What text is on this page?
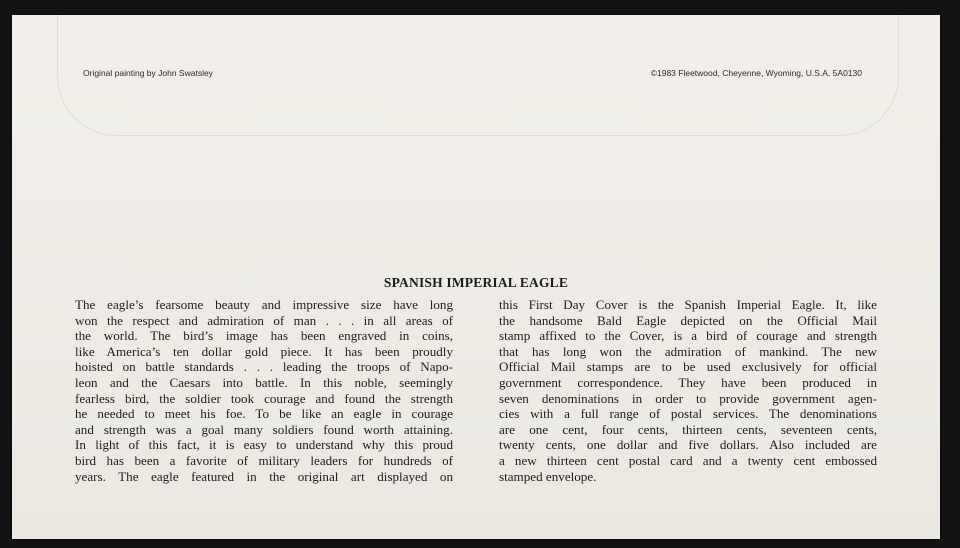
Original painting by John Swatsley	©1983 Fleetwood, Cheyenne, Wyoming, U.S.A. 5A0130
SPANISH IMPERIAL EAGLE
The eagle’s fearsome beauty and impressive size have long
won the respect and admiration of man . . . in all areas of
the world. The bird’s image has been engraved in coins,
like America’s ten dollar gold piece. It has been proudly
hoisted on battle standards . . . leading the troops of Napo-
leon and the Caesars into battle. In this noble, seemingly
fearless bird, the soldier took courage and found the strength
he needed to meet his foe. To be like an eagle in courage
and strength was a goal many soldiers found worth attaining.
In light of this fact, it is easy to understand why this proud
bird has been a favorite of military leaders for hundreds of
years. The eagle featured in the original art displayed on
this First Day Cover is the Spanish Imperial Eagle. It, like
the handsome Bald Eagle depicted on the Official Mail
stamp affixed to the Cover, is a bird of courage and strength
that has long won the admiration of mankind. The new
Official Mail stamps are to be used exclusively for official
government correspondence. They have been produced in
seven denominations in order to provide government agen-
cies with a full range of postal services. The denominations
are one cent, four cents, thirteen cents, seventeen cents,
twenty cents, one dollar and five dollars. Also included are
a new thirteen cent postal card and a twenty cent embossed
stamped envelope.
